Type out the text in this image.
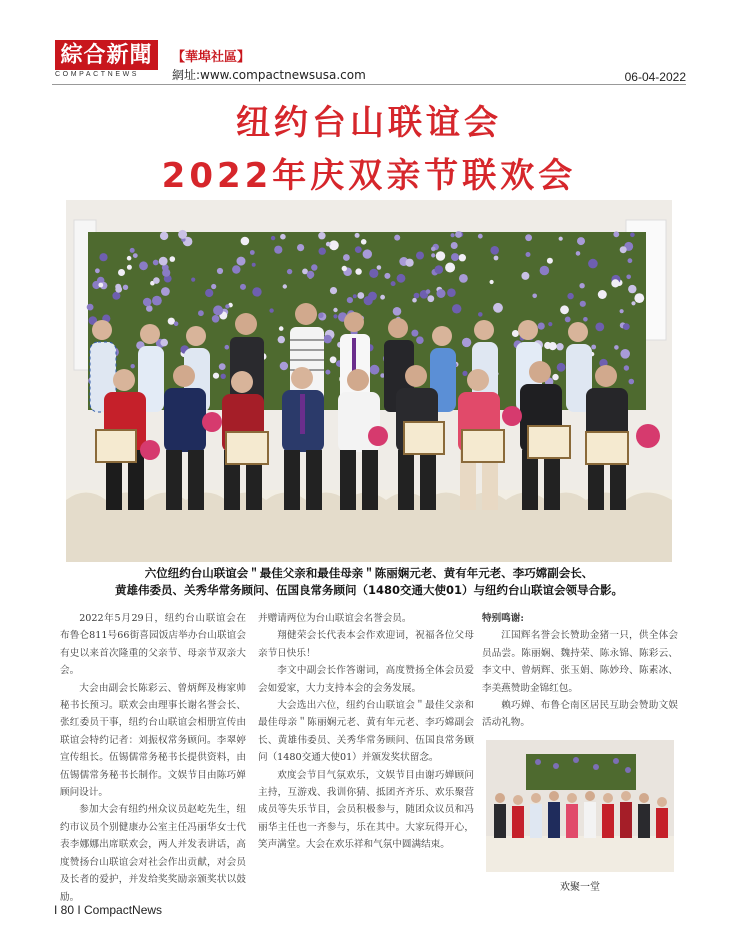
綜合新聞
COMPACTNEWS
【華埠社區】
網址:www.compactnewsusa.com	06-04-2022
纽约台山联谊会
2022年庆双亲节联欢会
六位纽约台山联谊会＂最佳父亲和最佳母亲＂陈丽娴元老、黄有年元老、李巧嫦副会长、
黄雄伟委员、关秀华常务顾问、伍国良常务顾问（1480交通大使01）与纽约台山联谊会领导合影。

2022年5月29日，纽约台山联谊会在布鲁仑811号66街喜园饭店举办台山联谊会有史以来首次隆重的父亲节、母亲节双亲大会。

大会由副会长陈彩云、曾炳辉及梅家帅秘书长预习。联欢会由理事长谢名誉会长、张红委员干事，纽约台山联谊会相册宣传由联谊会特约记者：刘振权常务顾问。李翠婷宣传组长。伍锡儒常务秘书长提供资料，由伍锡儒常务秘书长制作。文娱节目由陈巧婵顾问设计。

参加大会有纽约州众议员赵屹先生，纽约市议员个别健康办公室主任冯丽华女士代表李娜娜出席联欢会，两人并发表讲话，高度赞扬台山联谊会对社会作出贡献，对会员及长者的爱护，并发给奖奖励亲颁奖状以鼓励。

并赠请两位为台山联谊会名誉会员。

翔健荣会长代表本会作欢迎词，祝福各位父母亲节日快乐！

李文中副会长作答谢词，高度赞扬全体会员爱会如爱家，大力支持本会的会务发展。

大会选出六位，纽约台山联谊会＂最佳父亲和最佳母亲＂陈丽娴元老、黄有年元老、李巧嫦副会长、黄雄伟委员、关秀华常务顾问、伍国良常务顾问（1480交通大使01）并颁发奖状留念。

欢度会节目气氛欢乐，文娱节目由谢巧婵顾问主持，互游戏、我训你猜、抵团齐齐乐、欢乐聚营成员等失乐节目，会员积极参与，随团众议员和冯丽华主任也一齐参与，乐在其中。大家玩得开心，笑声满堂。大会在欢乐祥和气氛中圆满结束。

特别鸣谢:

江国辉名誉会长赞助金猪一只，供全体会员品尝。陈丽娴、魏持荣、陈永锦、陈彩云、李文中、曾炳辉、张玉娟、陈妙玲、陈素冰、李美燕赞助金锦红包。

赖巧婵、布鲁仑南区居民互助会赞助文娱活动礼物。

欢聚一堂
I 80 I CompactNews
